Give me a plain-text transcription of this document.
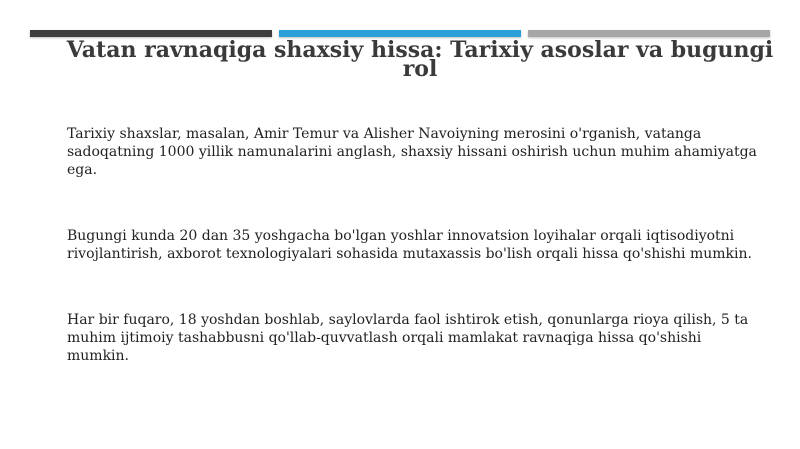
Vatan ravnaqiga shaxsiy hissa: Tarixiy asoslar va bugungi rol

Tarixiy shaxslar, masalan, Amir Temur va Alisher Navoiyning merosini o'rganish, vatanga sadoqatning 1000 yillik namunalarini anglash, shaxsiy hissani oshirish uchun muhim ahamiyatga ega.

Bugungi kunda 20 dan 35 yoshgacha bo'lgan yoshlar innovatsion loyihalar orqali iqtisodiyotni rivojlantirish, axborot texnologiyalari sohasida mutaxassis bo'lish orqali hissa qo'shishi mumkin.

Har bir fuqaro, 18 yoshdan boshlab, saylovlarda faol ishtirok etish, qonunlarga rioya qilish, 5 ta muhim ijtimoiy tashabbusni qo'llab-quvvatlash orqali mamlakat ravnaqiga hissa qo'shishi mumkin.
